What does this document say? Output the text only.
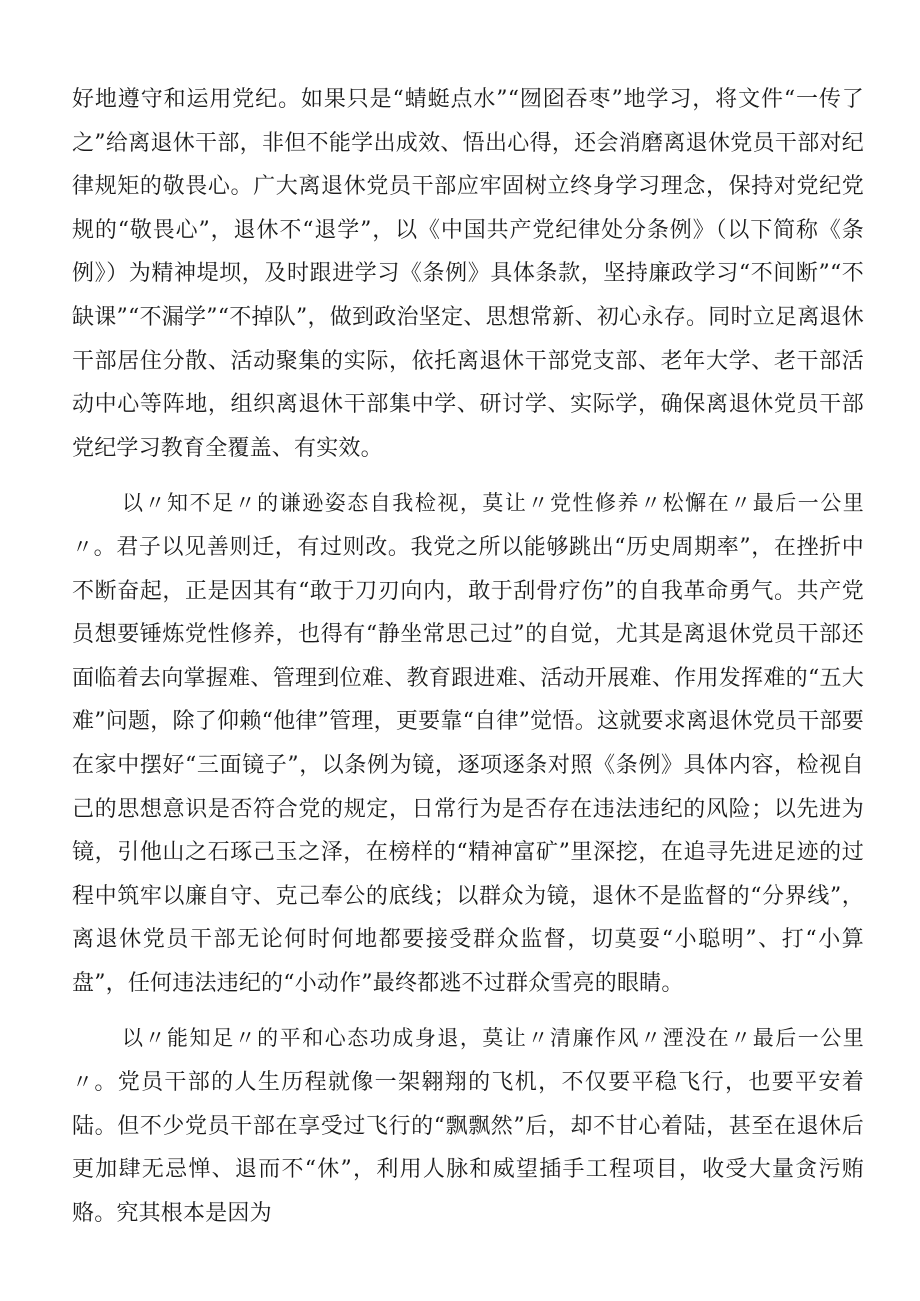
好地遵守和运用党纪。如果只是“蜻蜓点水”“囫囵吞枣”地学习，将文件“一传了之”给离退休干部，非但不能学出成效、悟出心得，还会消磨离退休党员干部对纪律规矩的敬畏心。广大离退休党员干部应牢固树立终身学习理念，保持对党纪党规的“敬畏心”，退休不“退学”，以《中国共产党纪律处分条例》（以下简称《条例》）为精神堤坝，及时跟进学习《条例》具体条款，坚持廉政学习“不间断”“不缺课”“不漏学”“不掉队”，做到政治坚定、思想常新、初心永存。同时立足离退休干部居住分散、活动聚集的实际，依托离退休干部党支部、老年大学、老干部活动中心等阵地，组织离退休干部集中学、研讨学、实际学，确保离退休党员干部党纪学习教育全覆盖、有实效。

以〃知不足〃的谦逊姿态自我检视，莫让〃党性修养〃松懈在〃最后一公里〃。君子以见善则迁，有过则改。我党之所以能够跳出“历史周期率”，在挫折中不断奋起，正是因其有“敢于刀刃向内，敢于刮骨疗伤”的自我革命勇气。共产党员想要锤炼党性修养，也得有“静坐常思己过”的自觉，尤其是离退休党员干部还面临着去向掌握难、管理到位难、教育跟进难、活动开展难、作用发挥难的“五大难”问题，除了仰赖“他律”管理，更要靠“自律”觉悟。这就要求离退休党员干部要在家中摆好“三面镜子”，以条例为镜，逐项逐条对照《条例》具体内容，检视自己的思想意识是否符合党的规定，日常行为是否存在违法违纪的风险；以先进为镜，引他山之石琢己玉之泽，在榜样的“精神富矿”里深挖，在追寻先进足迹的过程中筑牢以廉自守、克己奉公的底线；以群众为镜，退休不是监督的“分界线”，离退休党员干部无论何时何地都要接受群众监督，切莫耍“小聪明”、打“小算盘”，任何违法违纪的“小动作”最终都逃不过群众雪亮的眼睛。

以〃能知足〃的平和心态功成身退，莫让〃清廉作风〃湮没在〃最后一公里〃。党员干部的人生历程就像一架翱翔的飞机，不仅要平稳飞行，也要平安着陆。但不少党员干部在享受过飞行的“飘飘然”后，却不甘心着陆，甚至在退休后更加肆无忌惮、退而不“休”，利用人脉和威望插手工程项目，收受大量贪污贿赂。究其根本是因为
